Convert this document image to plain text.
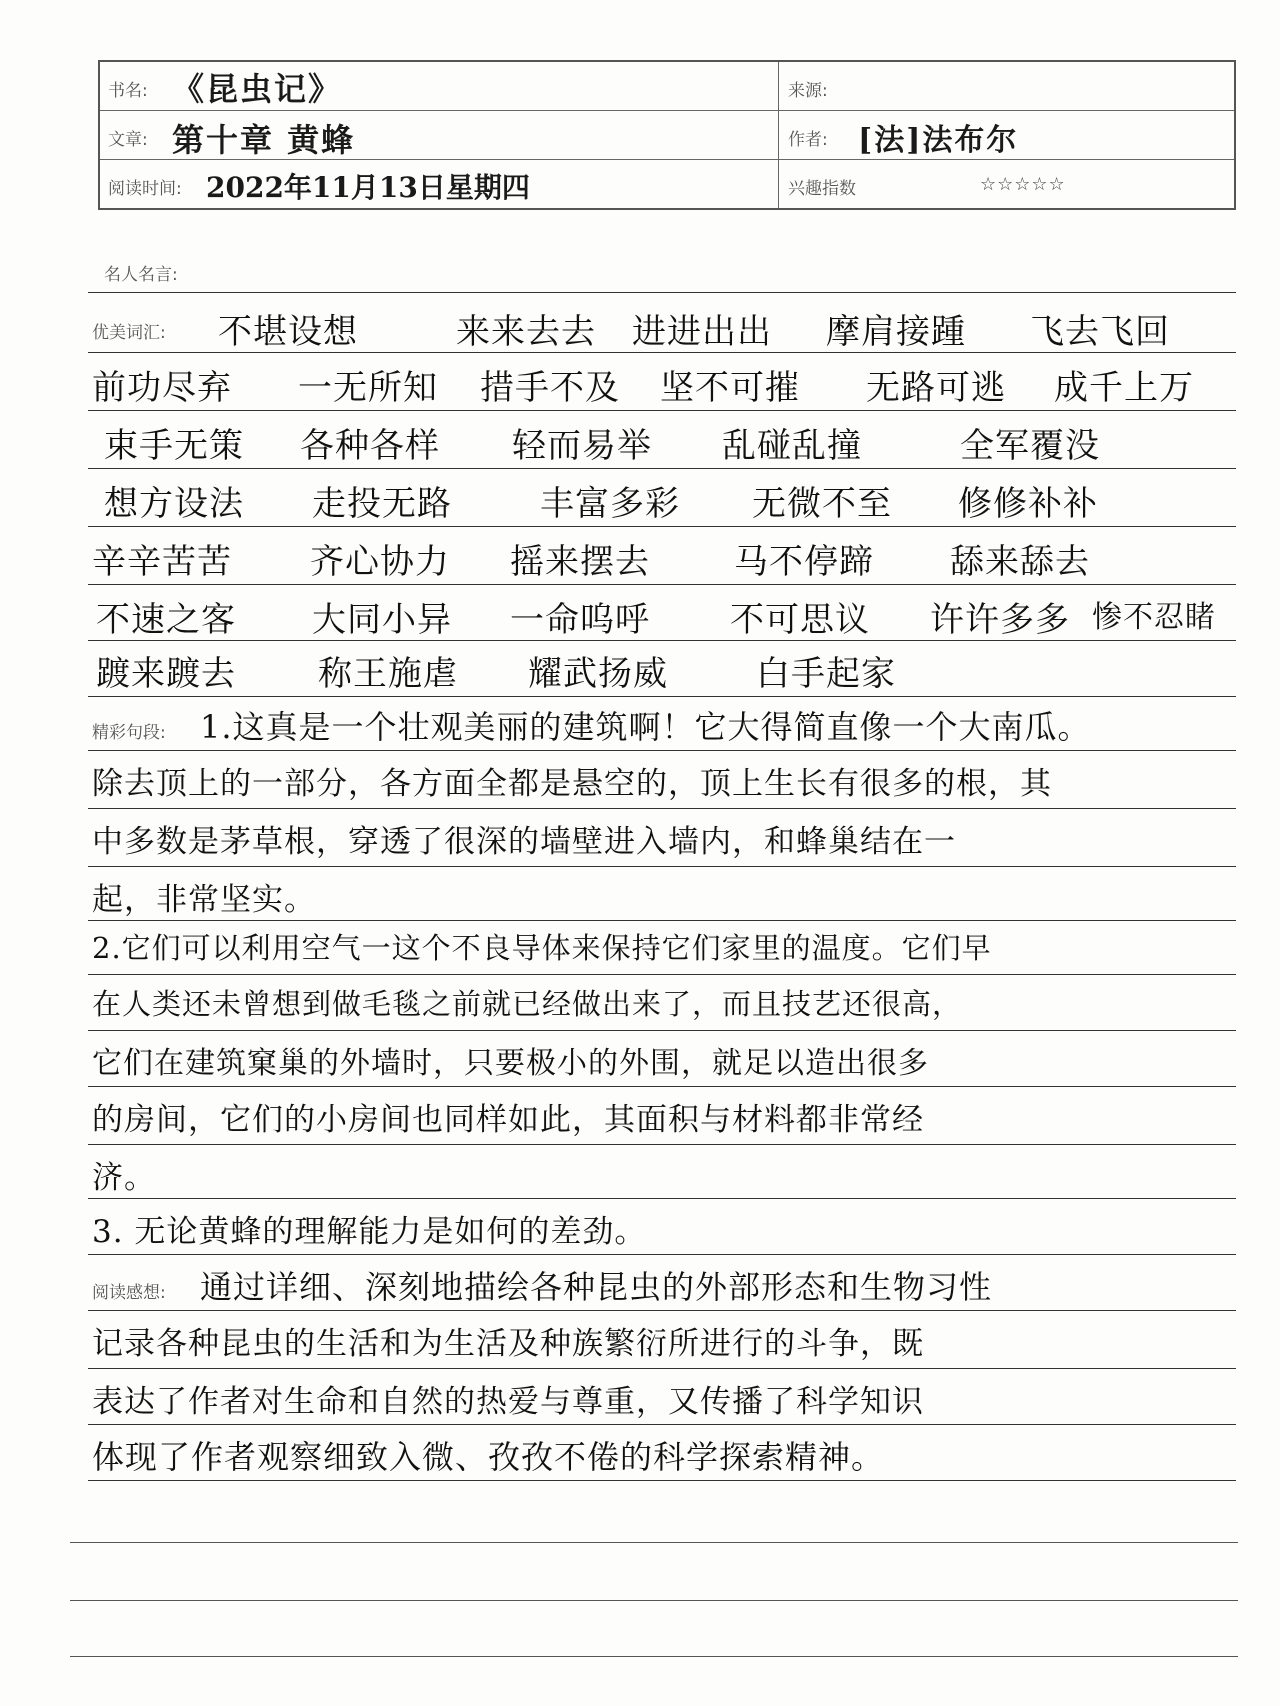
书名: 《昆虫记》	来源:
文章: 第十章 黄蜂	作者: [法]法布尔
阅读时间: 2022年11月13日星期四	兴趣指数	☆☆☆☆☆
名人名言:
优美词汇: 不堪设想	来来去去 进进出出 摩肩接踵 飞去飞回
前功尽弃 一无所知 措手不及 坚不可摧 无路可逃 成千上万
束手无策 各种各样 轻而易举 乱碰乱撞	全军覆没
想方设法 走投无路	丰富多彩 无微不至 修修补补
辛辛苦苦 齐心协力 摇来摆去 马不停蹄 舔来舔去
不速之客 大同小异 一命呜呼 不可思议 许许多多 惨不忍睹
踱来踱去 称王施虐 耀武扬威	白手起家
精彩句段: 1.这真是一个壮观美丽的建筑啊！它大得简直像一个大南瓜。
除去顶上的一部分，各方面全都是悬空的，顶上生长有很多的根，其
中多数是茅草根，穿透了很深的墙壁进入墙内，和蜂巢结在一
起，非常坚实。
2.它们可以利用空气一这个不良导体来保持它们家里的温度。它们早
在人类还未曾想到做毛毯之前就已经做出来了，而且技艺还很高，
它们在建筑窠巢的外墙时，只要极小的外围，就足以造出很多
的房间，它们的小房间也同样如此，其面积与材料都非常经
济。
3. 无论黄蜂的理解能力是如何的差劲。
阅读感想: 通过详细、深刻地描绘各种昆虫的外部形态和生物习性
记录各种昆虫的生活和为生活及种族繁衍所进行的斗争，既
表达了作者对生命和自然的热爱与尊重，又传播了科学知识
体现了作者观察细致入微、孜孜不倦的科学探索精神。
